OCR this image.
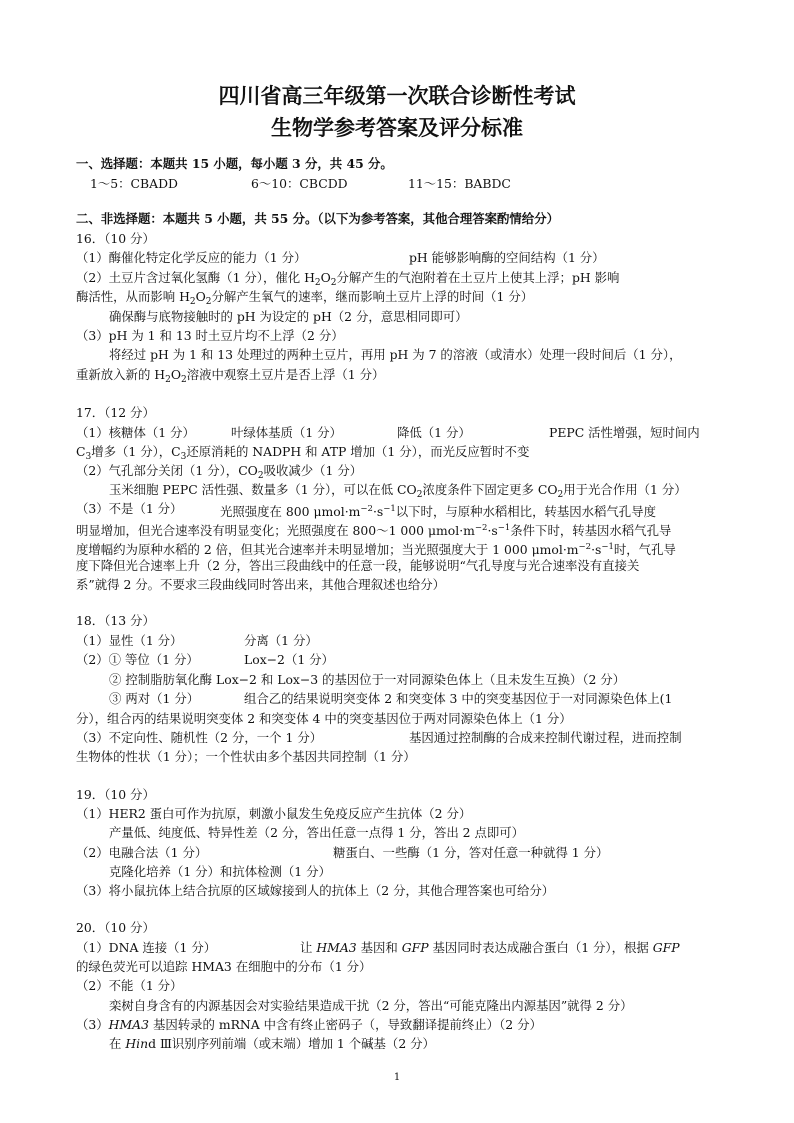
四川省高三年级第一次联合诊断性考试
生物学参考答案及评分标准
一、选择题：本题共 15 小题，每小题 3 分，共 45 分。
1～5：CBADD	6～10：CBCDD	11～15：BABDC
二、非选择题：本题共 5 小题，共 55 分。（以下为参考答案，其他合理答案酌情给分）
16．（10 分）
（1）酶催化特定化学反应的能力（1 分）	pH 能够影响酶的空间结构（1 分）
（2）土豆片含过氧化氢酶（1 分），催化 $H_2O_2$分解产生的气泡附着在土豆片上使其上浮；pH 影响
酶活性，从而影响 $H_2O_2$分解产生氧气的速率，继而影响土豆片上浮的时间（1 分）
确保酶与底物接触时的 pH 为设定的 pH（2 分，意思相同即可）
（3）pH 为 1 和 13 时土豆片均不上浮（2 分）
将经过 pH 为 1 和 13 处理过的两种土豆片，再用 pH 为 7 的溶液（或清水）处理一段时间后（1 分），
重新放入新的 $H_2O_2$溶液中观察土豆片是否上浮（1 分）
17．（12 分）
（1）核糖体（1 分）	叶绿体基质（1 分）	降低（1 分）	PEPC 活性增强，短时间内
$C_3$增多（1 分），$C_3$还原消耗的 NADPH 和 ATP 增加（1 分），而光反应暂时不变
（2）气孔部分关闭（1 分），$CO_2$吸收减少（1 分）
玉米细胞 PEPC 活性强、数量多（1 分），可以在低 $CO_2$浓度条件下固定更多 $CO_2$用于光合作用（1 分）
（3）不是（1 分）	光照强度在 800 $\mu mol\cdot m^{-2}\cdot s^{-1}$以下时，与原种水稻相比，转基因水稻气孔导度
明显增加，但光合速率没有明显变化；光照强度在 800～1 000 $\mu mol\cdot m^{-2}\cdot s^{-1}$条件下时，转基因水稻气孔导
度增幅约为原种水稻的 2 倍，但其光合速率并未明显增加；当光照强度大于 1 000 $\mu mol\cdot m^{-2}\cdot s^{-1}$时，气孔导
度下降但光合速率上升（2 分，答出三段曲线中的任意一段，能够说明“气孔导度与光合速率没有直接关
系”就得 2 分。不要求三段曲线同时答出来，其他合理叙述也给分）
18．（13 分）
（1）显性（1 分）	分离（1 分）
（2）① 等位（1 分）	Lox−2（1 分）
② 控制脂肪氧化酶 Lox−2 和 Lox−3 的基因位于一对同源染色体上（且未发生互换）（2 分）
③ 两对（1 分）	组合乙的结果说明突变体 2 和突变体 3 中的突变基因位于一对同源染色体上(1
分），组合丙的结果说明突变体 2 和突变体 4 中的突变基因位于两对同源染色体上（1 分）
（3）不定向性、随机性（2 分，一个 1 分）	基因通过控制酶的合成来控制代谢过程，进而控制
生物体的性状（1 分）；一个性状由多个基因共同控制（1 分）
19．（10 分）
（1）HER2 蛋白可作为抗原，刺激小鼠发生免疫反应产生抗体（2 分）
产量低、纯度低、特异性差（2 分，答出任意一点得 1 分，答出 2 点即可）
（2）电融合法（1 分）	糖蛋白、一些酶（1 分，答对任意一种就得 1 分）
克隆化培养（1 分）和抗体检测（1 分）
（3）将小鼠抗体上结合抗原的区域嫁接到人的抗体上（2 分，其他合理答案也可给分）
20．（10 分）
（1）DNA 连接（1 分）	让 HMA3 基因和 GFP 基因同时表达成融合蛋白（1 分），根据 GFP
的绿色荧光可以追踪 HMA3 在细胞中的分布（1 分）
（2）不能（1 分）
栾树自身含有的内源基因会对实验结果造成干扰（2 分，答出“可能克隆出内源基因”就得 2 分）
（3）HMA3 基因转录的 mRNA 中含有终止密码子（，导致翻译提前终止）（2 分）
在 Hind Ⅲ识别序列前端（或末端）增加 1 个碱基（2 分）
1
